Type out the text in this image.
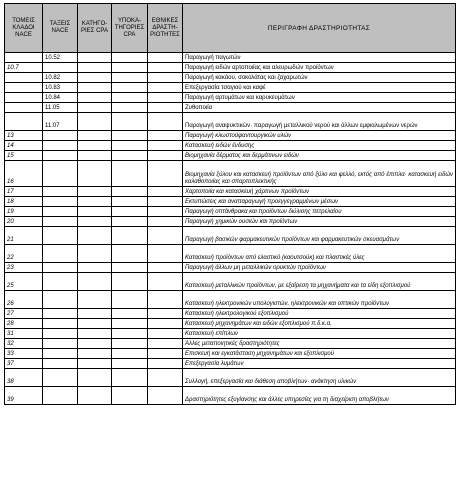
ΤΟΜΕΙΣ ΚΛΑΔΟΙ NACE	ΤΑΞΕΙΣ NACE	ΚΑΤΗΓΟ-ΡΙΕΣ CPA	ΥΠΟΚΑ-ΤΗΓΟΡΙΕΣ CPA	ΕΘΝΙΚΕΣ ΔΡΑΣΤΗ-ΡΙΟΤΗΤΕΣ	ΠΕΡΙΓΡΑΦΗ ΔΡΑΣΤΗΡΙΟΤΗΤΑΣ
	10.52				Παραγωγή παγωτών
10.7					Παραγωγή ειδών αρτοποιίας και αλευρωδών προϊόντων
	10.82				Παραγωγή κακάου, σοκολάτας και ζαχαρωτών
	10.83				Επεξεργασία τσαγιού και καφέ
	10.84				Παραγωγή αρτυμάτων και καρυκευμάτων
	11.05				Ζυθοποιία
	11.07				Παραγωγή αναψυκτικών· παραγωγή μεταλλικού νερού και άλλων εμφιαλωμένων νερών
13					Παραγωγή κλωστοϋφαντουργικών υλών
14					Κατασκευή ειδών ένδυσης
15					Βιομηχανία δέρματος και δερμάτινων ειδών
16					Βιομηχανία ξύλου και κατασκευή προϊόντων από ξύλο και φελλό, εκτός από έπιπλα· κατασκευή ειδών καλαθοποιίας και σπαρτοπλεκτικής
17					Χαρτοποιία και κατασκευή χάρτινων προϊόντων
18					Εκτυπώσεις και αναπαραγωγή προεγγεγραμμένων μέσων
19					Παραγωγή οπτάνθρακα και προϊόντων διύλισης πετρελαίου
20					Παραγωγή χημικών ουσιών και προϊόντων
21					Παραγωγή βασικών φαρμακευτικών προϊόντων και φαρμακευτικών σκευασμάτων
22					Κατασκευή προϊόντων από ελαστικό (καουτσούκ) και πλαστικές ύλες
23					Παραγωγή άλλων μη μεταλλικών ορυκτών προϊόντων
25					Κατασκευή μεταλλικών προϊόντων, με εξαίρεση τα μηχανήματα και τα είδη εξοπλισμού
26					Κατασκευή ηλεκτρονικών υπολογιστών, ηλεκτρονικών και οπτικών προϊόντων
27					Κατασκευή ηλεκτρολογικού εξοπλισμού
28					Κατασκευή μηχανημάτων και ειδών εξοπλισμού π.δ.κ.α.
31					Κατασκευή επίπλων
32					Άλλες μεταποιητικές δραστηριότητες
33					Επισκευή και εγκατάσταση μηχανημάτων και εξοπλισμού
37					Επεξεργασία λυμάτων
38					Συλλογή, επεξεργασία και διάθεση αποβλήτων· ανάκτηση υλικών
39					Δραστηριότητες εξυγίανσης και άλλες υπηρεσίες για τη διαχείριση αποβλήτων
